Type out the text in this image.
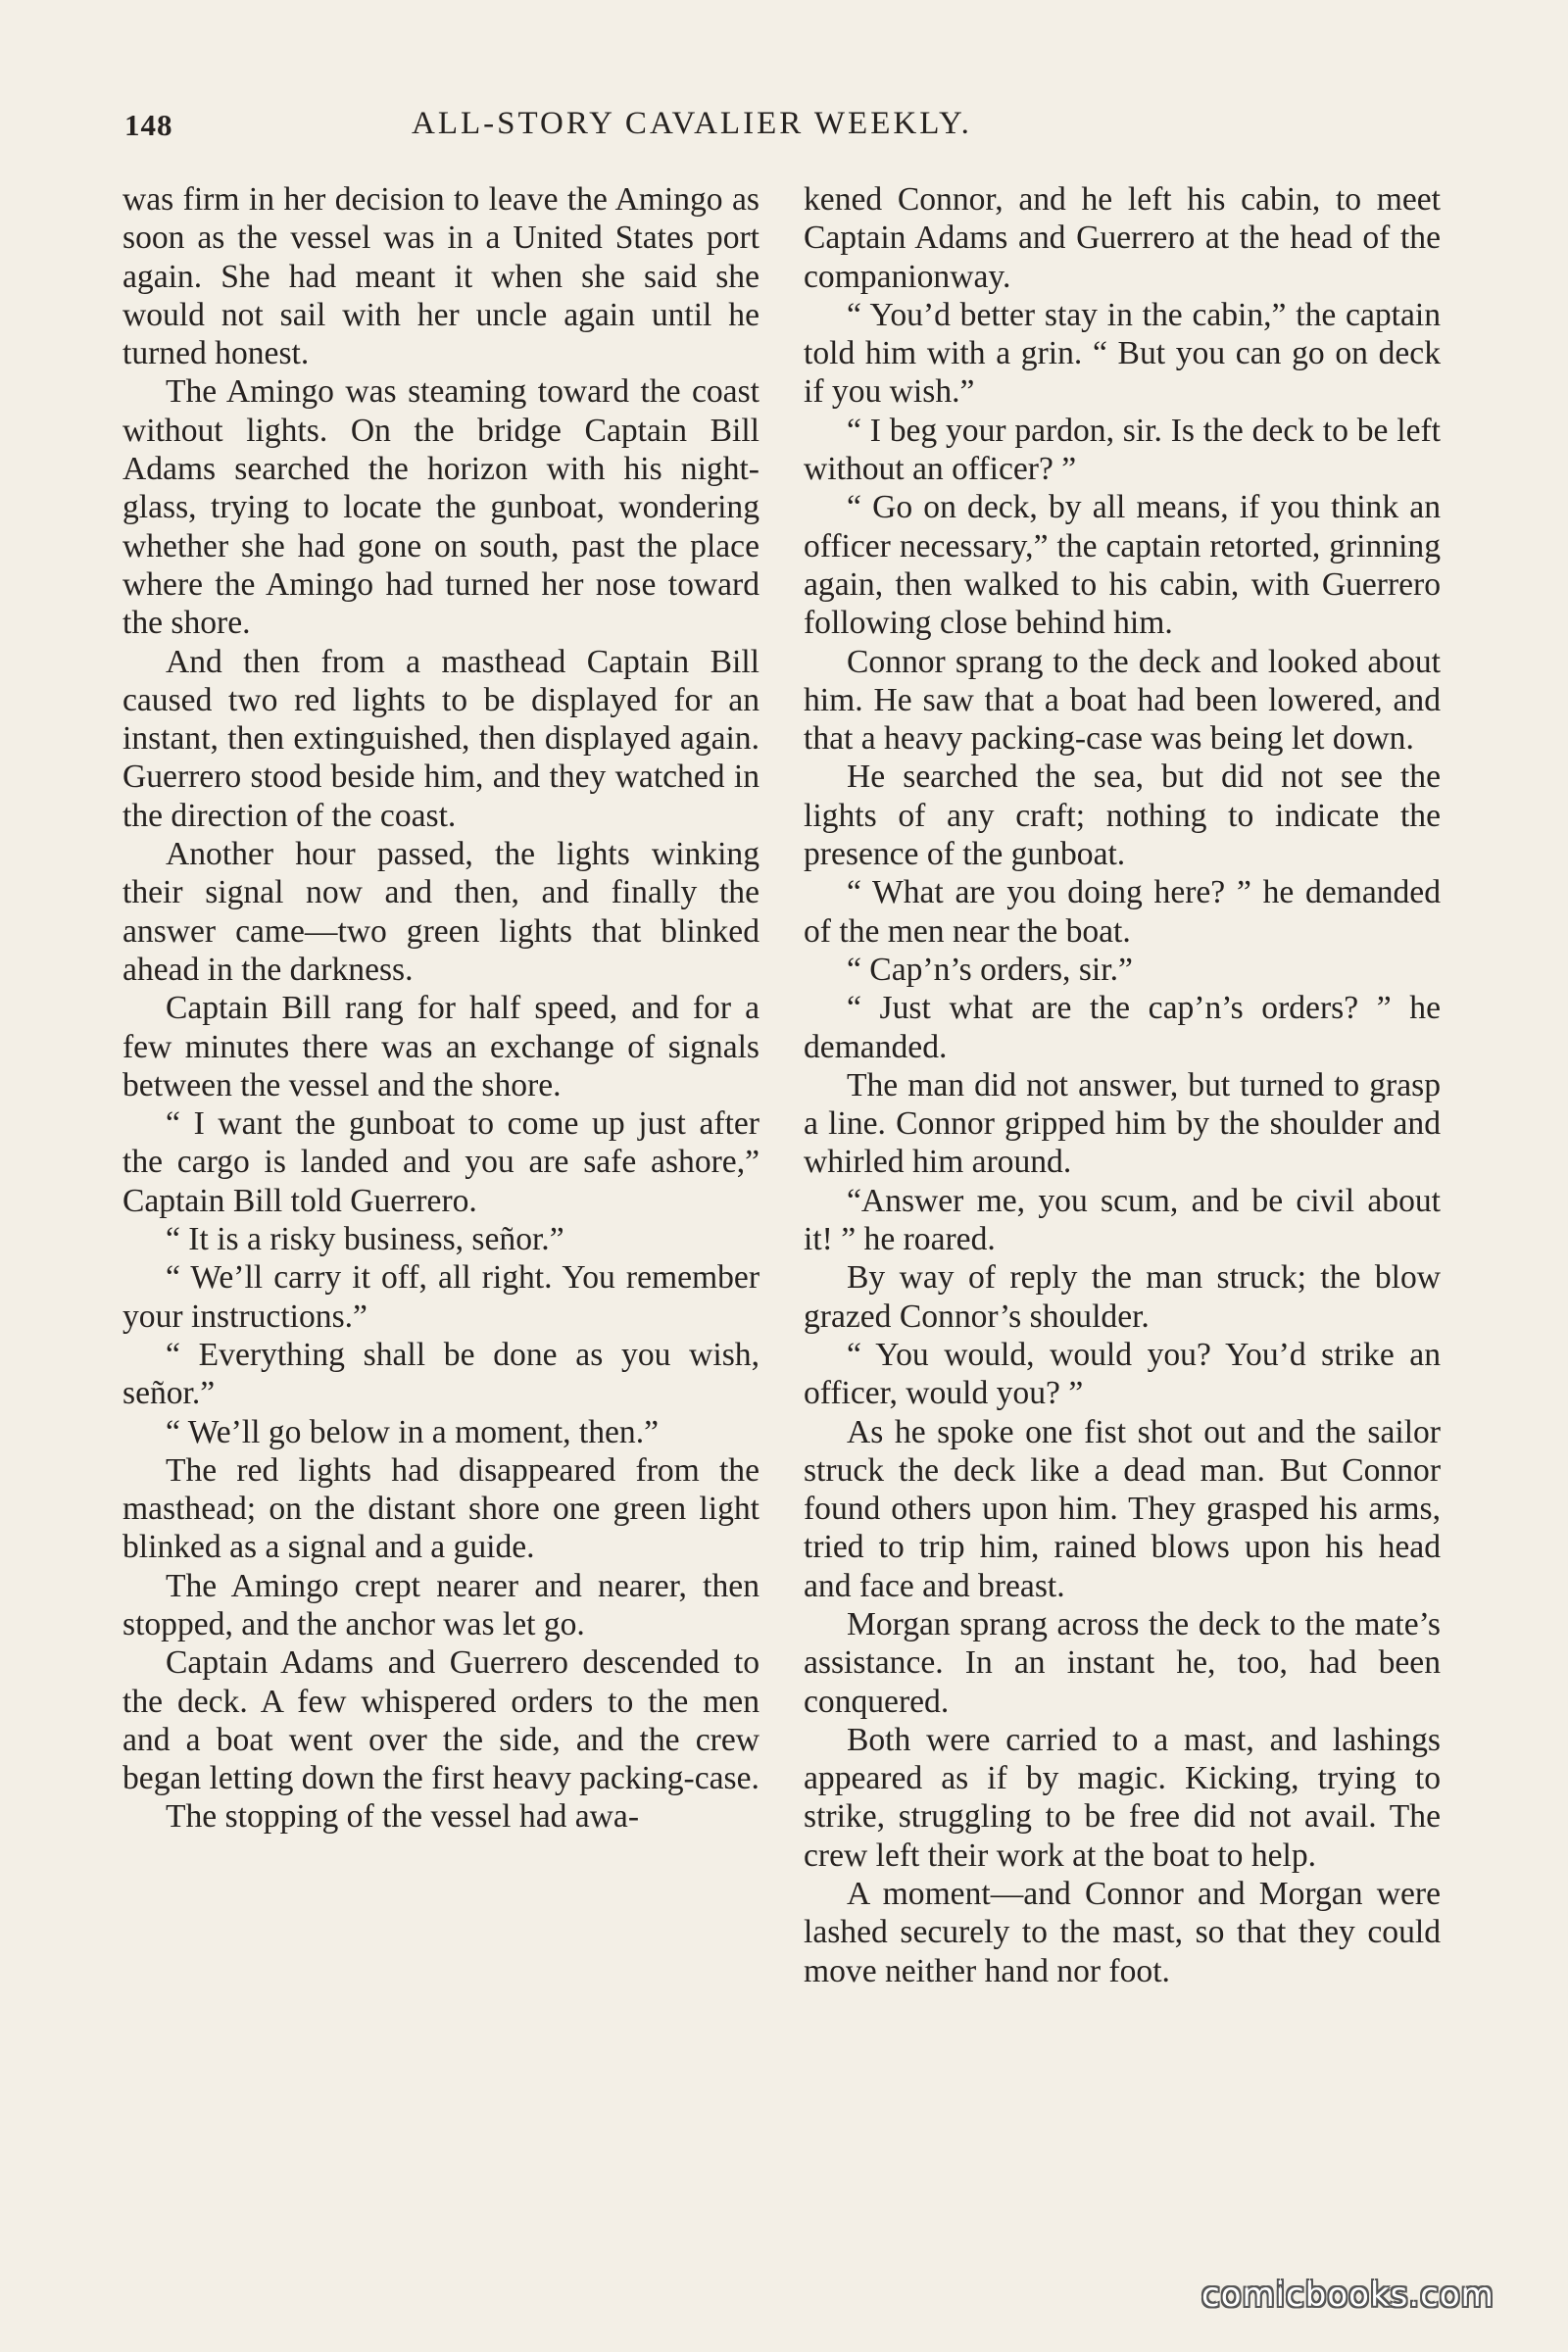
148	ALL-STORY CAVALIER WEEKLY.

was firm in her decision to leave the Amingo as soon as the vessel was in a United States port again. She had meant it when she said she would not sail with her uncle again until he turned honest.

The Amingo was steaming toward the coast without lights. On the bridge Captain Bill Adams searched the horizon with his night-glass, trying to locate the gunboat, wondering whether she had gone on south, past the place where the Amingo had turned her nose toward the shore.

And then from a masthead Captain Bill caused two red lights to be displayed for an instant, then extinguished, then displayed again. Guerrero stood beside him, and they watched in the direction of the coast.

Another hour passed, the lights winking their signal now and then, and finally the answer came—two green lights that blinked ahead in the darkness.

Captain Bill rang for half speed, and for a few minutes there was an exchange of signals between the vessel and the shore.

“ I want the gunboat to come up just after the cargo is landed and you are safe ashore,” Captain Bill told Guerrero.

“ It is a risky business, señor.”

“ We’ll carry it off, all right. You remember your instructions.”

“ Everything shall be done as you wish, señor.”

“ We’ll go below in a moment, then.”

The red lights had disappeared from the masthead; on the distant shore one green light blinked as a signal and a guide.

The Amingo crept nearer and nearer, then stopped, and the anchor was let go.

Captain Adams and Guerrero descended to the deck. A few whispered orders to the men and a boat went over the side, and the crew began letting down the first heavy packing-case.

The stopping of the vessel had awa-

kened Connor, and he left his cabin, to meet Captain Adams and Guerrero at the head of the companionway.

“ You’d better stay in the cabin,” the captain told him with a grin. “ But you can go on deck if you wish.”

“ I beg your pardon, sir. Is the deck to be left without an officer? ”

“ Go on deck, by all means, if you think an officer necessary,” the captain retorted, grinning again, then walked to his cabin, with Guerrero following close behind him.

Connor sprang to the deck and looked about him. He saw that a boat had been lowered, and that a heavy packing-case was being let down.

He searched the sea, but did not see the lights of any craft; nothing to indicate the presence of the gunboat.

“ What are you doing here? ” he demanded of the men near the boat.

“ Cap’n’s orders, sir.”

“ Just what are the cap’n’s orders? ” he demanded.

The man did not answer, but turned to grasp a line. Connor gripped him by the shoulder and whirled him around.

“Answer me, you scum, and be civil about it! ” he roared.

By way of reply the man struck; the blow grazed Connor’s shoulder.

“ You would, would you? You’d strike an officer, would you? ”

As he spoke one fist shot out and the sailor struck the deck like a dead man. But Connor found others upon him. They grasped his arms, tried to trip him, rained blows upon his head and face and breast.

Morgan sprang across the deck to the mate’s assistance. In an instant he, too, had been conquered.

Both were carried to a mast, and lashings appeared as if by magic. Kicking, trying to strike, struggling to be free did not avail. The crew left their work at the boat to help.

A moment—and Connor and Morgan were lashed securely to the mast, so that they could move neither hand nor foot.

comicbooks.com
